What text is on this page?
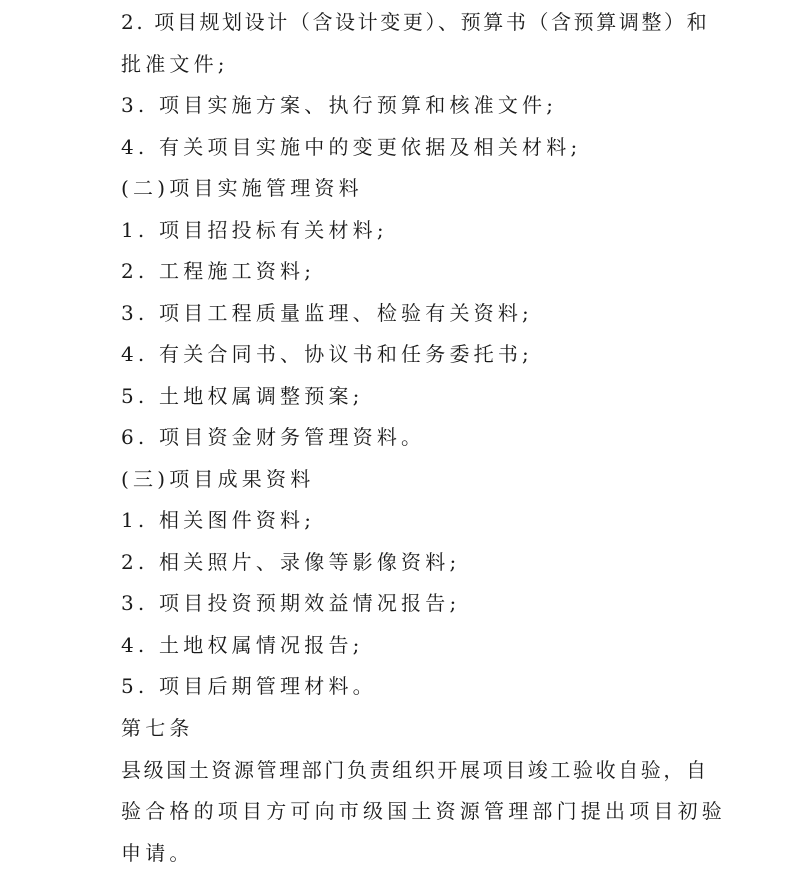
2. 项目规划设计（含设计变更）、预算书（含预算调整）和

批准文件;

3. 项目实施方案、执行预算和核准文件;

4. 有关项目实施中的变更依据及相关材料;

(二)项目实施管理资料

1. 项目招投标有关材料;

2. 工程施工资料;

3. 项目工程质量监理、检验有关资料;

4. 有关合同书、协议书和任务委托书;

5. 土地权属调整预案;

6. 项目资金财务管理资料。

(三)项目成果资料

1. 相关图件资料;

2. 相关照片、录像等影像资料;

3. 项目投资预期效益情况报告;

4. 土地权属情况报告;

5. 项目后期管理材料。

第七条

县级国土资源管理部门负责组织开展项目竣工验收自验，自

验合格的项目方可向市级国土资源管理部门提出项目初验

申请。
